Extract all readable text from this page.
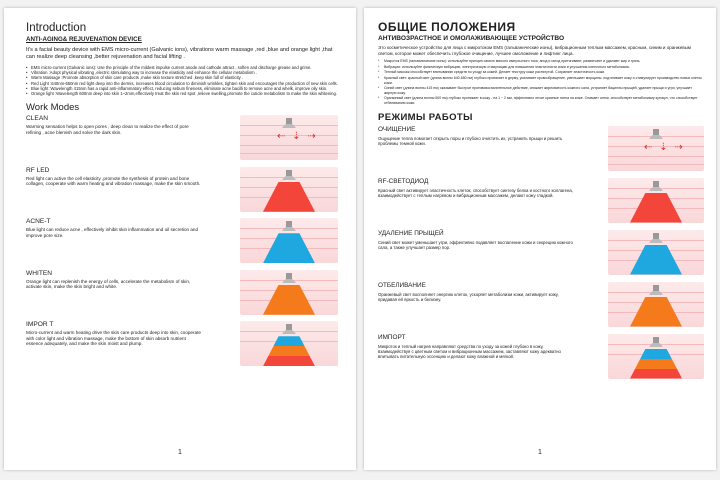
Introduction
ANTI-AGING& REJUVENATION DEVICE

It's a facial beauty device with EMS micro-current (Galvanic ions), vibrations warm massage ,red ,blue and orange light ,that can realize deep cleansing ,better rejuvenation and facial lifting .

• EMS micro-current (Galvanic ions): Use the principle of the mildest impulse current anode and cathode attract , soften and discharge grease and grime.
• Vibration :Adopt physical vibrating ,electric stimulating way to increase the elasticity and enhance the cellular metabolism .
• Warm Massage :Promote absorption of skin care products ,make skin texture stretched ,keep skin full of elasticity .
• Red Light :640nm-650nm red light deep into the dermis, increases blood circulation to diminish wrinkles, tighten skin and encourages the production of new skin cells.
• Blue light :Wavelength 415nm has a rapid anti-inflammatory effect, reducing sebum fineness, eliminate acne bacilli to remove acne and whelk, improve oily skin.
• Orange light :Wavelength 600nm deep into skin 1~2mm,effectively treat the skin red spot ,relieve swelling,promote the cuticle metabolism to make the skin whitening.
Work Modes
CLEAN
Warming sensation helps to open pores , deep clean to realize the effect of pore refining , acne blemish and solve the dark skin.	⇠ ⇣ ⇢
RF LED
Red light can active the cell elasticity ,promote the synthesis of protein and bone collagen, cooperate with warm heating and vibration massage, make the skin smooth.
ACNE-T
Blue light can reduce acne , effectively inhibit skin inflammation and oil secretion and improve pore size.
WHITEN
Orange light can replenish the energy of cells, accelerate the metabolism of skin, activate skin, make the skin bright and white.
IMPOR T
Micro-current and warm heating drive the skin care products deep into skin, cooperate with color light and vibration massage, make the bottom of skin absorb nutrient essence adequately, and make the skin moist and plump.
1
ОБЩИЕ ПОЛОЖЕНИЯ
АНТИВОЗРАСТНОЕ И ОМОЛАЖИВАЮЩЕЕ УСТРОЙСТВО

Это косметическое устройство для лица с микротоком EMS (гальванические ионы), вибрационным теплым массажем, красным, синим и оранжевым светом, которое может обеспечить глубокое очищение, лучшее омоложение и лифтинг лица.

* Микроток EMS (гальванические ионы): используйте принцип самого мягкого импульсного тока, анод и катод притягивают, размягчают и удаляют жир и грязь.
* Вибрация: используйте физическую вибрацию, электрическую стимуляцию для повышения эластичности кожи и улучшения клеточного метаболизма.
* Теплый массаж способствует впитыванию средств по уходу за кожей. Делает текстуру кожи растянутой. Сохраняет эластичность кожи.
* Красный свет: красный свет (длина волны 640-650 нм) глубоко проникает в дерму, усиливает кровообращение, уменьшает морщины, подтягивает кожу и стимулирует производство новых клеток кожи.
* Синий свет (длина волны 415 нм) оказывает быстрое противовоспалительное действие, снижает жирноватость кожного сала, устраняет бациллы прыщей, удаляет прыщи и угри, улучшает жирную кожу.
* Оранжевый свет (длина волны 600 нм) глубоко проникает в кожу - на 1 ~ 2 мм, эффективно лечит красные пятна на коже. Снимает отеки, способствует метаболизму кутикул, что способствует отбеливанию кожи.
РЕЖИМЫ РАБОТЫ
ОЧИЩЕНИЕ
Ощущение тепла помогает открыть поры и глубоко очистить их, устранить прыщи и решить проблемы темной кожи.	⇠ ⇣ ⇢
RF-СВЕТОДИОД
Красный свет активирует эластичность клеток, способствует синтезу белка и костного коллагена, взаимодействует с теплым нагревом и вибрационным массажем, делают кожу гладкой.
УДАЛЕНИЕ ПРЫЩЕЙ
Синий свет может уменьшает угри, эффективно подавляет воспаление кожи и секрецию кожного сала, а также улучшает размер пор.
ОТБЕЛИВАНИЕ
Оранжевый свет восполняет энергию клеток, ускоряет метаболизм кожи, активирует кожу, придавая ей яркость и белизну.
ИМПОРТ
Микроток и теплый нагрев направляют средства по уходу за кожей глубоко в кожу, взаимодействуя с цветным светом и вибрационным массажем, заставляют кожу адекватно впитывать питательную эссенцию и делают кожу влажной и мягкой.
1
